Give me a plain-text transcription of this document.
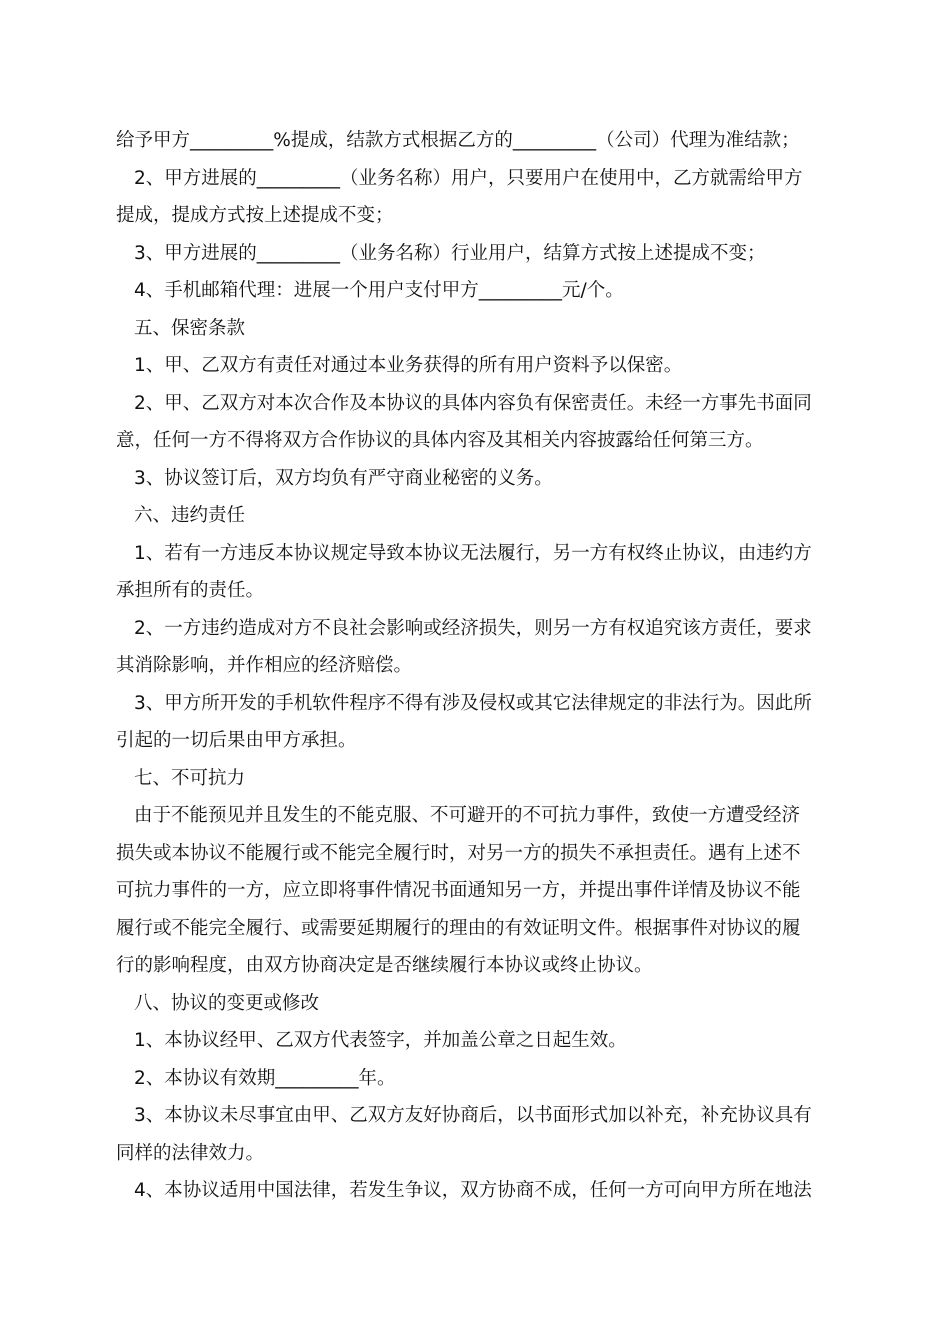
给予甲方_________%提成，结款方式根据乙方的_________（公司）代理为准结款；

2、甲方进展的_________（业务名称）用户，只要用户在使用中，乙方就需给甲方

提成，提成方式按上述提成不变；

3、甲方进展的_________（业务名称）行业用户，结算方式按上述提成不变；

4、手机邮箱代理：进展一个用户支付甲方_________元/个。

五、保密条款

1、甲、乙双方有责任对通过本业务获得的所有用户资料予以保密。

2、甲、乙双方对本次合作及本协议的具体内容负有保密责任。未经一方事先书面同

意，任何一方不得将双方合作协议的具体内容及其相关内容披露给任何第三方。

3、协议签订后，双方均负有严守商业秘密的义务。

六、违约责任

1、若有一方违反本协议规定导致本协议无法履行，另一方有权终止协议，由违约方

承担所有的责任。

2、一方违约造成对方不良社会影响或经济损失，则另一方有权追究该方责任，要求

其消除影响，并作相应的经济赔偿。

3、甲方所开发的手机软件程序不得有涉及侵权或其它法律规定的非法行为。因此所

引起的一切后果由甲方承担。

七、不可抗力

由于不能预见并且发生的不能克服、不可避开的不可抗力事件，致使一方遭受经济

损失或本协议不能履行或不能完全履行时，对另一方的损失不承担责任。遇有上述不

可抗力事件的一方，应立即将事件情况书面通知另一方，并提出事件详情及协议不能

履行或不能完全履行、或需要延期履行的理由的有效证明文件。根据事件对协议的履

行的影响程度，由双方协商决定是否继续履行本协议或终止协议。

八、协议的变更或修改

1、本协议经甲、乙双方代表签字，并加盖公章之日起生效。

2、本协议有效期_________年。

3、本协议未尽事宜由甲、乙双方友好协商后，以书面形式加以补充，补充协议具有

同样的法律效力。

4、本协议适用中国法律，若发生争议，双方协商不成，任何一方可向甲方所在地法
